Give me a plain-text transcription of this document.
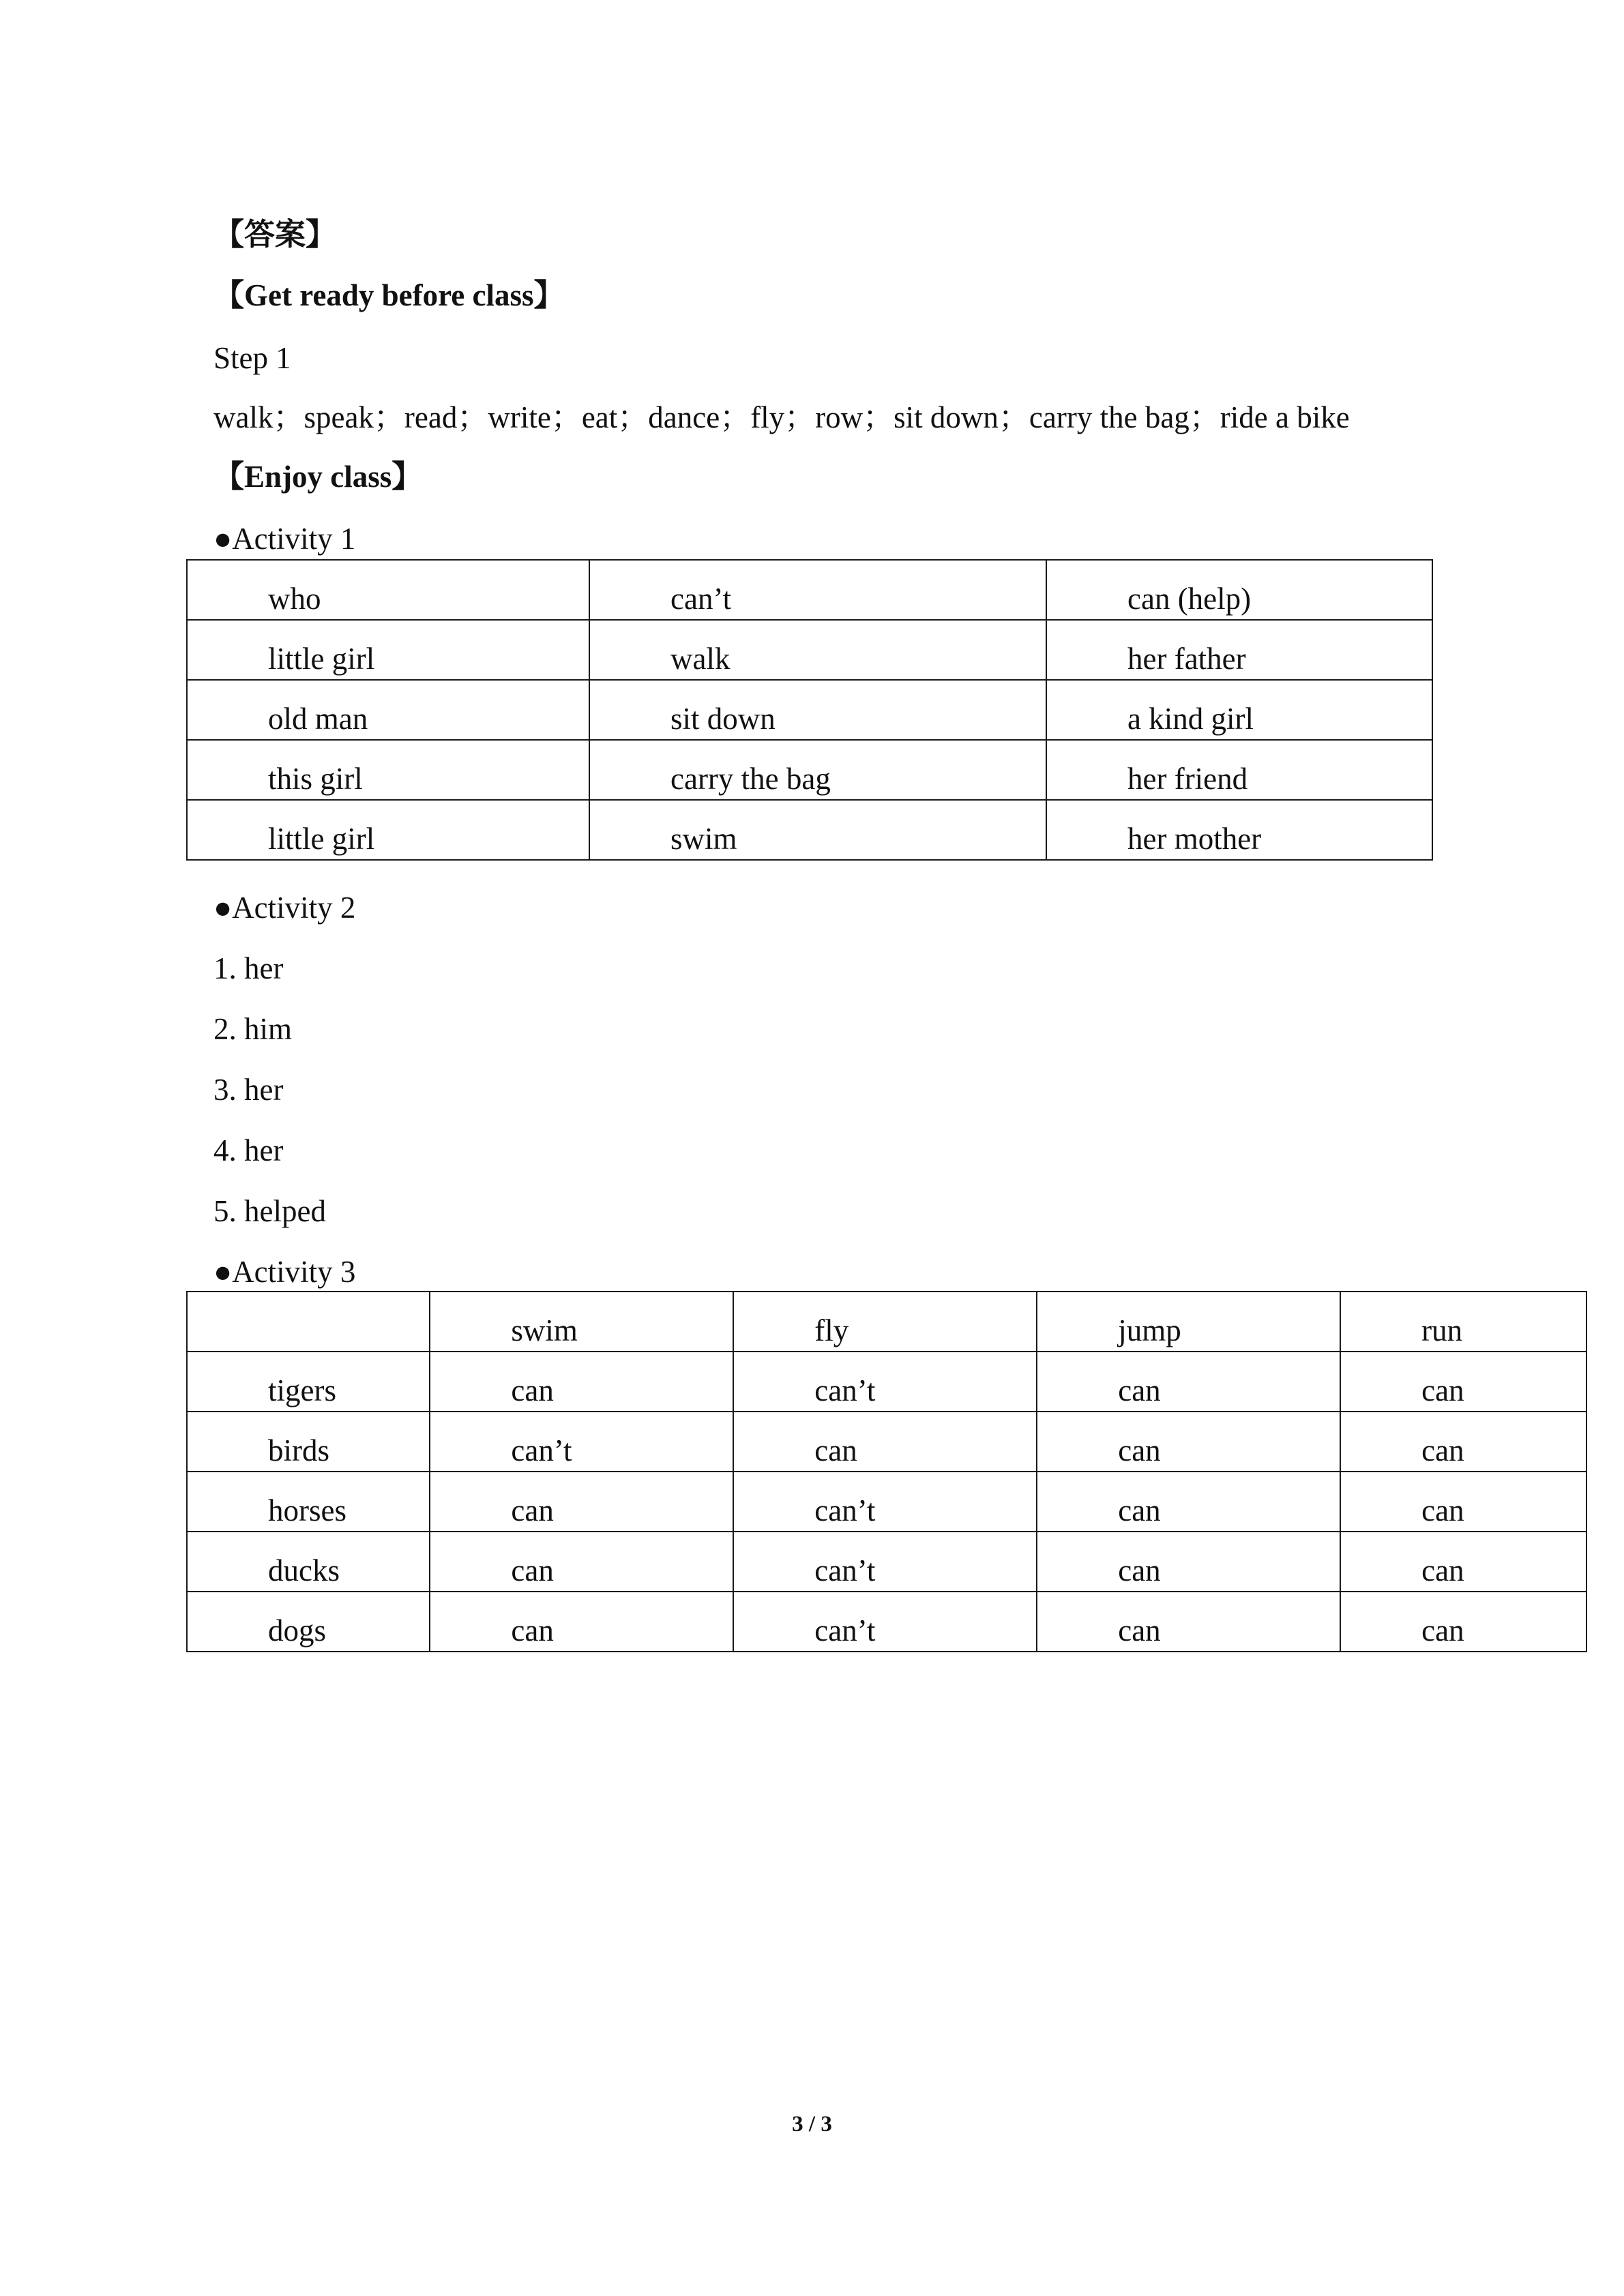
【答案】
【Get ready before class】
Step 1
walk；speak；read；write；eat；dance；fly；row；sit down；carry the bag；ride a bike
【Enjoy class】
●Activity 1
who	can’t	can (help)
little girl	walk	her father
old man	sit down	a kind girl
this girl	carry the bag	her friend
little girl	swim	her mother
●Activity 2
1. her
2. him
3. her
4. her
5. helped
●Activity 3
	swim	fly	jump	run
tigers	can	can’t	can	can
birds	can’t	can	can	can
horses	can	can’t	can	can
ducks	can	can’t	can	can
dogs	can	can’t	can	can
3 / 3
